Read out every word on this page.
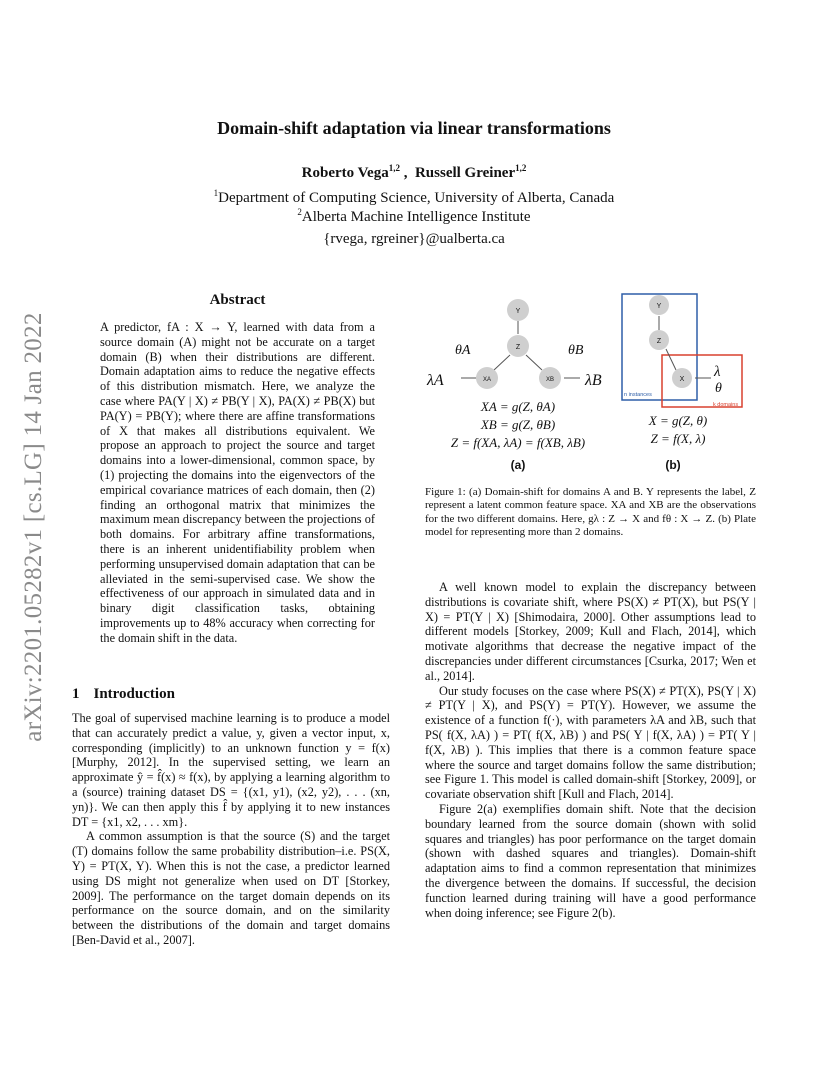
arXiv:2201.05282v1 [cs.LG] 14 Jan 2022
Domain-shift adaptation via linear transformations
Roberto Vega$^{1,2}$ ,  Russell Greiner$^{1,2}$
$^1$Department of Computing Science, University of Alberta, Canada
$^2$Alberta Machine Intelligence Institute
{rvega, rgreiner}@ualberta.ca
Abstract
A predictor, fA : X → Y, learned with data from a source domain (A) might not be accurate on a target domain (B) when their distributions are different. Domain adaptation aims to reduce the negative effects of this distribution mismatch. Here, we analyze the case where PA(Y | X) ≠ PB(Y | X), PA(X) ≠ PB(X) but PA(Y) = PB(Y); where there are affine transformations of X that makes all distributions equivalent. We propose an approach to project the source and target domains into a lower-dimensional, common space, by (1) projecting the domains into the eigenvectors of the empirical covariance matrices of each domain, then (2) finding an orthogonal matrix that minimizes the maximum mean discrepancy between the projections of both domains. For arbitrary affine transformations, there is an inherent unidentifiability problem when performing unsupervised domain adaptation that can be alleviated in the semi-supervised case. We show the effectiveness of our approach in simulated data and in binary digit classification tasks, obtaining improvements up to 48% accuracy when correcting for the domain shift in the data.
1 Introduction

The goal of supervised machine learning is to produce a model that can accurately predict a value, y, given a vector input, x, corresponding (implicitly) to an unknown function y = f(x) [Murphy, 2012]. In the supervised setting, we learn an approximate ŷ = f̂(x) ≈ f(x), by applying a learning algorithm to a (source) training dataset DS = {(x1, y1), (x2, y2), . . . (xn, yn)}. We can then apply this f̂ by applying it to new instances DT = {x1, x2, . . . xm}.

A common assumption is that the source (S) and the target (T) domains follow the same probability distribution–i.e. PS(X, Y) = PT(X, Y). When this is not the case, a predictor learned using DS might not generalize when used on DT [Storkey, 2009]. The performance on the target domain depends on its performance on the source domain, and on the similarity between the distributions of the domain and target domains [Ben-David et al., 2007].

Y
Z
XA	XB
θA	θB
λA	λB
XA = g(Z, θA)
XB = g(Z, θB)
Z = f(XA, λA) = f(XB, λB)
(a)
Y
Z
X λ
θ
n instances
k domains
X = g(Z, θ)
Z = f(X, λ)
(b)
Figure 1: (a) Domain-shift for domains A and B. Y represents the label, Z represent a latent common feature space. XA and XB are the observations for the two different domains. Here, gλ : Z → X and fθ : X → Z. (b) Plate model for representing more than 2 domains.

A well known model to explain the discrepancy between distributions is covariate shift, where PS(X) ≠ PT(X), but PS(Y | X) = PT(Y | X) [Shimodaira, 2000]. Other assumptions lead to different models [Storkey, 2009; Kull and Flach, 2014], which motivate algorithms that decrease the negative impact of the discrepancies under different circumstances [Csurka, 2017; Wen et al., 2014].

Our study focuses on the case where PS(X) ≠ PT(X), PS(Y | X) ≠ PT(Y | X), and PS(Y) = PT(Y). However, we assume the existence of a function f(·), with parameters λA and λB, such that PS( f(X, λA) ) = PT( f(X, λB) ) and PS( Y | f(X, λA) ) = PT( Y | f(X, λB) ). This implies that there is a common feature space where the source and target domains follow the same distribution; see Figure 1. This model is called domain-shift [Storkey, 2009], or covariate observation shift [Kull and Flach, 2014].

Figure 2(a) exemplifies domain shift. Note that the decision boundary learned from the source domain (shown with solid squares and triangles) has poor performance on the target domain (shown with dashed squares and triangles). Domain-shift adaptation aims to find a common representation that minimizes the divergence between the domains. If successful, the decision function learned during training will have a good performance when doing inference; see Figure 2(b).
